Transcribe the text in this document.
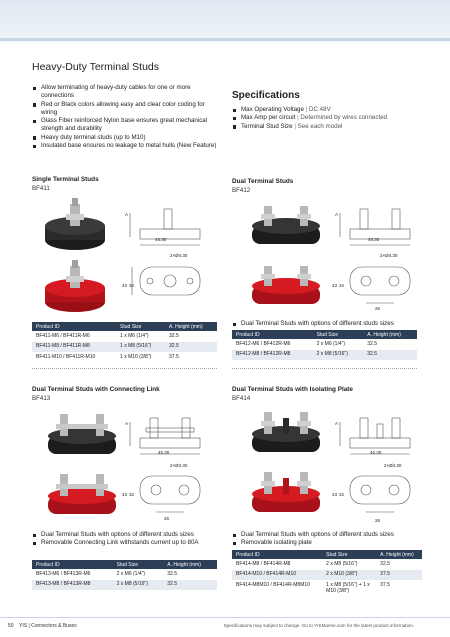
Heavy-Duty Terminal Studs
Allow terminating of heavy-duty cables for one or more connections
Red or Black colors allowing easy and clear color coding for wiring
Glass Fiber reinforced Nylon base ensures great mechanical strength and durability
Heavy duty terminal studs (up to M10)
Insulated base ensures no leakage to metal hulls (New Feature)
Specifications
Max Operating Voltage | DC 48V
Max Amp per circuit | Determined by wires connected
Terminal Stud Size | See each model
Single Terminal Studs
BF411
A
45.30
2×Ø4.30
43 32
Product ID	Stud Size	A. Height (mm)
BF411-M6 / BF411R-M6	1 x M6 (1/4")	32.5
BF411-M8 / BF411R-M8	1 x M8 (5/16")	32.5
BF411-M10 / BF411R-M10	1 x M10 (3/8")	37.5
Dual Terminal Studs
BF412
A
45.30
2×Ø4.30
43 32
26
Dual Terminal Studs with options of different studs sizes
Product ID	Stud Size	A. Height (mm)
BF412-M6 / BF412R-M6	2 x M6 (1/4")	32.5
BF412-M8 / BF412R-M8	2 x M8 (5/16")	32.5
Dual Terminal Studs with Connecting Link
BF413
A
45.30
2×Ø4.30
43 32
26
Dual Terminal Studs with options of different studs sizes
Removable Connecting Link withstands current up to 80A
Product ID	Stud Size	A. Height (mm)
BF413-M6 / BF413R-M6	2 x M6 (1/4")	32.5
BF413-M8 / BF413R-M8	2 x M8 (5/16")	32.5
Dual Terminal Studs with Isolating Plate
BF414
A
46.30
2×Ø4.30
43 32
26
Dual Terminal Studs with options of different studs sizes
Removable isolating plate
Product ID	Stud Size	A. Height (mm)
BF414-M8 / BF414R-M8	2 x M8 (5/16")	32.5
BF414-M10 / BF414R-M10	2 x M10 (3/8")	37.5
BF414-M8M10 / BF414R-M8M10	1 x M8 (5/16") + 1 x M10 (3/8")	37.5
50 YIS | Connectors & Buses	Specifications may subject to change. Go to YISMarine.com for the latest product information.
